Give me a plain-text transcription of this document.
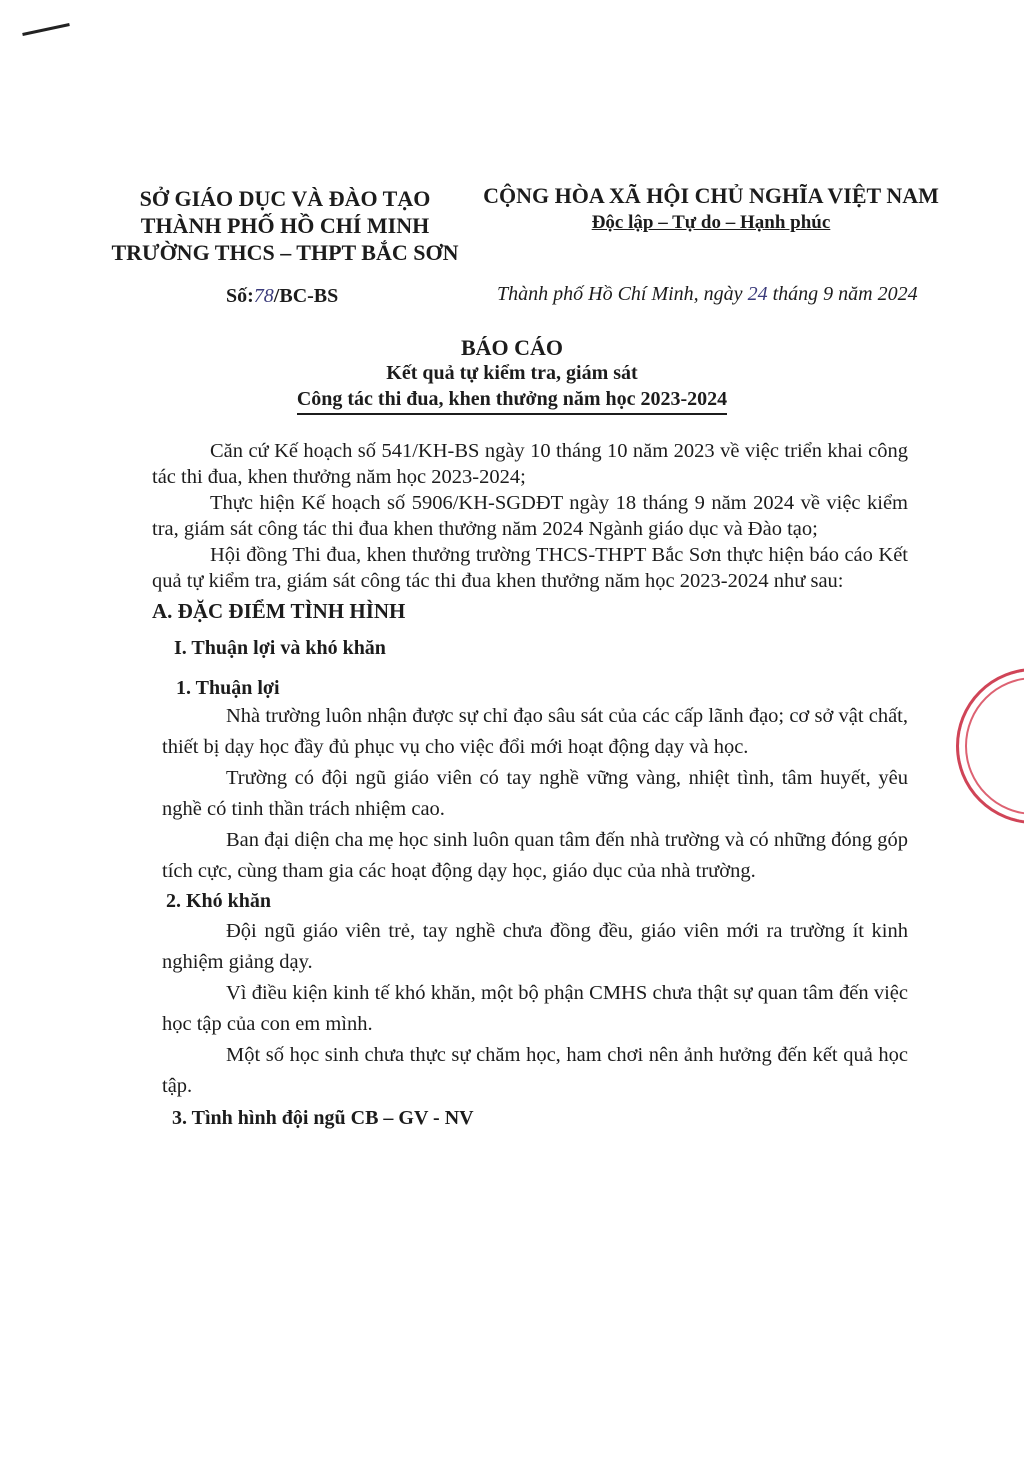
SỞ GIÁO DỤC VÀ ĐÀO TẠO
THÀNH PHỐ HỒ CHÍ MINH
TRƯỜNG THCS – THPT BẮC SƠN
CỘNG HÒA XÃ HỘI CHỦ NGHĨA VIỆT NAM
Độc lập – Tự do – Hạnh phúc
Số:78/BC-BS	Thành phố Hồ Chí Minh, ngày 24 tháng 9 năm 2024
BÁO CÁO
Kết quả tự kiểm tra, giám sát
Công tác thi đua, khen thưởng năm học 2023-2024

Căn cứ Kế hoạch số 541/KH-BS ngày 10 tháng 10 năm 2023 về việc triển khai công tác thi đua, khen thưởng năm học 2023-2024;

Thực hiện Kế hoạch số 5906/KH-SGDĐT ngày 18 tháng 9 năm 2024 về việc kiểm tra, giám sát công tác thi đua khen thưởng năm 2024 Ngành giáo dục và Đào tạo;

Hội đồng Thi đua, khen thưởng trường THCS-THPT Bắc Sơn thực hiện báo cáo Kết quả tự kiểm tra, giám sát công tác thi đua khen thưởng năm học 2023-2024 như sau:

A. ĐẶC ĐIỂM TÌNH HÌNH
I. Thuận lợi và khó khăn
1. Thuận lợi

Nhà trường luôn nhận được sự chỉ đạo sâu sát của các cấp lãnh đạo; cơ sở vật chất, thiết bị dạy học đầy đủ phục vụ cho việc đổi mới hoạt động dạy và học.

Trường có đội ngũ giáo viên có tay nghề vững vàng, nhiệt tình, tâm huyết, yêu nghề có tinh thần trách nhiệm cao.

Ban đại diện cha mẹ học sinh luôn quan tâm đến nhà trường và có những đóng góp tích cực, cùng tham gia các hoạt động dạy học, giáo dục của nhà trường.

2. Khó khăn

Đội ngũ giáo viên trẻ, tay nghề chưa đồng đều, giáo viên mới ra trường ít kinh nghiệm giảng dạy.

Vì điều kiện kinh tế khó khăn, một bộ phận CMHS chưa thật sự quan tâm đến việc học tập của con em mình.

Một số học sinh chưa thực sự chăm học, ham chơi nên ảnh hưởng đến kết quả học tập.

3. Tình hình đội ngũ CB – GV - NV
